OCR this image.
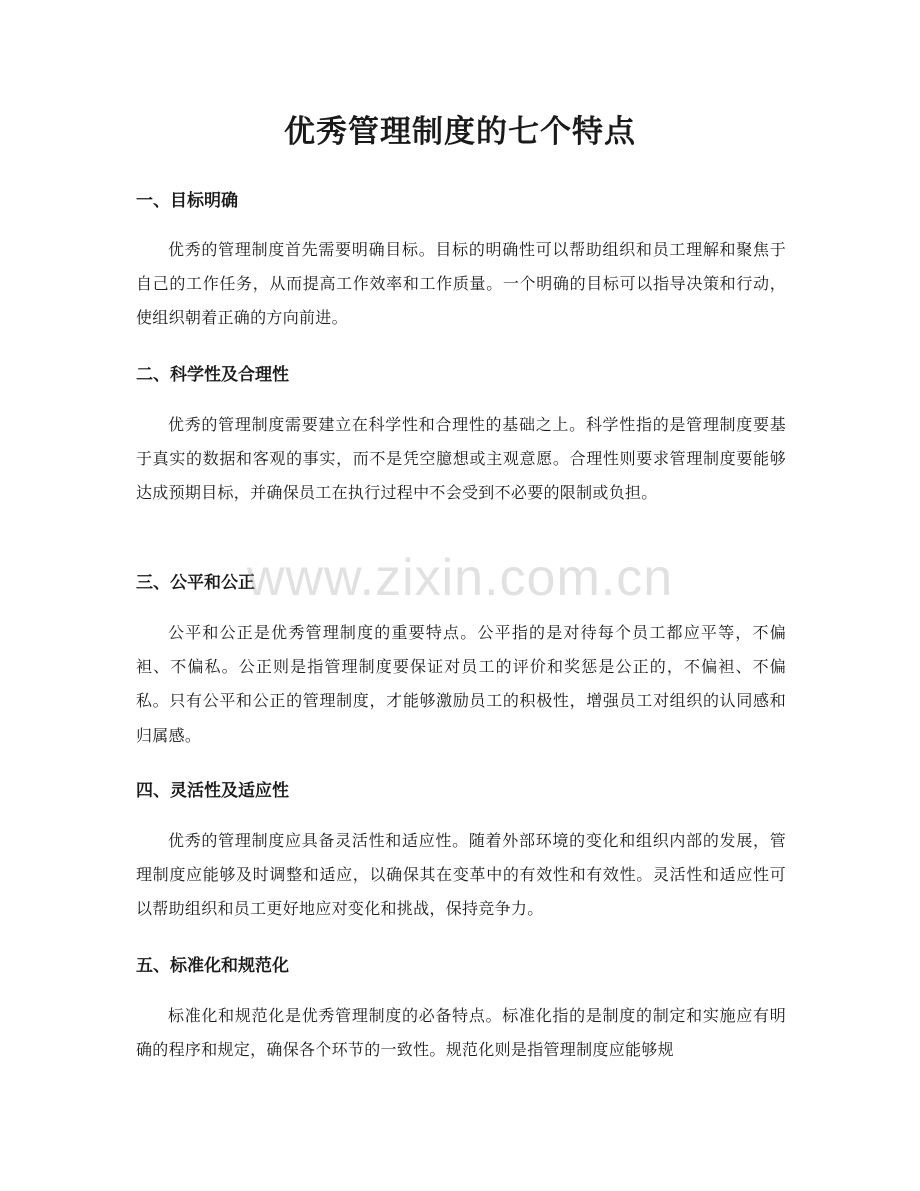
优秀管理制度的七个特点
一、目标明确

优秀的管理制度首先需要明确目标。目标的明确性可以帮助组织和员工理解和聚焦于自己的工作任务，从而提高工作效率和工作质量。一个明确的目标可以指导决策和行动，使组织朝着正确的方向前进。

二、科学性及合理性

优秀的管理制度需要建立在科学性和合理性的基础之上。科学性指的是管理制度要基于真实的数据和客观的事实，而不是凭空臆想或主观意愿。合理性则要求管理制度要能够达成预期目标，并确保员工在执行过程中不会受到不必要的限制或负担。

三、公平和公正

公平和公正是优秀管理制度的重要特点。公平指的是对待每个员工都应平等，不偏袒、不偏私。公正则是指管理制度要保证对员工的评价和奖惩是公正的，不偏袒、不偏私。只有公平和公正的管理制度，才能够激励员工的积极性，增强员工对组织的认同感和归属感。

四、灵活性及适应性

优秀的管理制度应具备灵活性和适应性。随着外部环境的变化和组织内部的发展，管理制度应能够及时调整和适应，以确保其在变革中的有效性和有效性。灵活性和适应性可以帮助组织和员工更好地应对变化和挑战，保持竞争力。

五、标准化和规范化

标准化和规范化是优秀管理制度的必备特点。标准化指的是制度的制定和实施应有明确的程序和规定，确保各个环节的一致性。规范化则是指管理制度应能够规

www.zixin.com.cn
